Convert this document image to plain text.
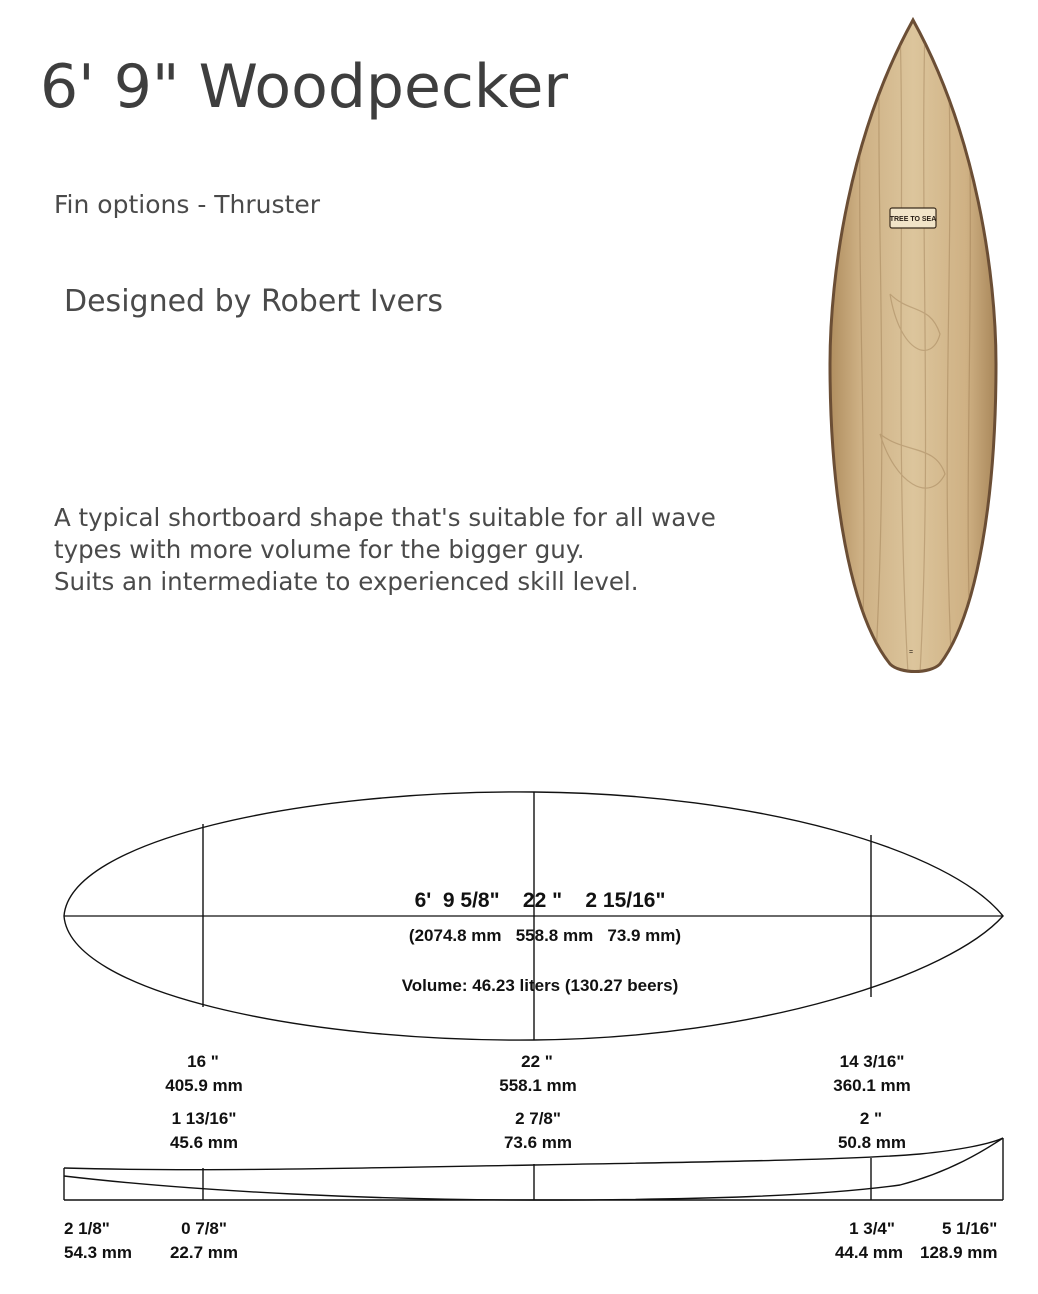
6' 9" Woodpecker
Fin options - Thruster
Designed by Robert Ivers
A typical shortboard shape that's suitable for all wave
types with more volume for the bigger guy.
Suits an intermediate to experienced skill level.
TREE TO SEA
=
6'  9 5/8"    22 "    2 15/16"
(2074.8 mm   558.8 mm   73.9 mm)
Volume: 46.23 liters (130.27 beers)
16 "
405.9 mm
22 "
558.1 mm
14 3/16"
360.1 mm
1 13/16"
45.6 mm
2 7/8"
73.6 mm
2 "
50.8 mm
2 1/8"
54.3 mm
0 7/8"
22.7 mm
1 3/4"
44.4 mm
5 1/16"
128.9 mm
